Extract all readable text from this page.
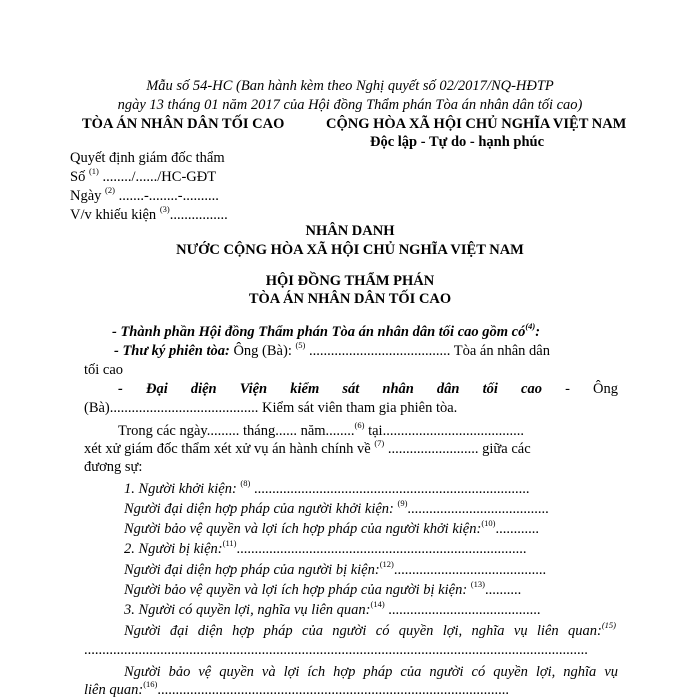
Mẫu số 54-HC (Ban hành kèm theo Nghị quyết số 02/2017/NQ-HĐTP
ngày 13 tháng 01 năm 2017 của Hội đồng Thẩm phán Tòa án nhân dân tối cao)
TÒA ÁN NHÂN DÂN TỐI CAO	CỘNG HÒA XÃ HỘI CHỦ NGHĨA VIỆT NAM
Độc lập - Tự do - hạnh phúc
Quyết định giám đốc thẩm
Số $^{(1)}$ ......../....../HC-GĐT
Ngày $^{(2)}$ .......-........-..........
V/v khiếu kiện $^{(3)}$................
NHÂN DANH
NƯỚC CỘNG HÒA XÃ HỘI CHỦ NGHĨA VIỆT NAM
HỘI ĐỒNG THẨM PHÁN
TÒA ÁN NHÂN DÂN TỐI CAO
- Thành phần Hội đồng Thẩm phán Tòa án nhân dân tối cao gồm $có^{(4)}$:
- Thư ký phiên tòa: Ông (Bà): $^{(5)}$ ....................................... Tòa án nhân dân
tối cao
- Đại diện Viện kiểm sát nhân dân tối cao - Ông
(Bà)......................................... Kiểm sát viên tham gia phiên tòa.
Trong các ngày......... tháng...... năm........$^{(6)}$ tại.......................................
xét xử giám đốc thẩm xét xử vụ án hành chính về $^{(7)}$ ......................... giữa các
đương sự:
1. Người khởi kiện: $^{(8)}$ ............................................................................
Người đại diện hợp pháp của người khởi kiện: $^{(9)}$.......................................
Người bảo vệ quyền và lợi ích hợp pháp của người khởi kiện:$^{(10)}$............
2. Người bị kiện:$^{(11)}$................................................................................
Người đại diện hợp pháp của người bị kiện:$^{(12)}$..........................................
Người bảo vệ quyền và lợi ích hợp pháp của người bị kiện: $^{(13)}$..........
3. Người có quyền lợi, nghĩa vụ liên quan:$^{(14)}$ ..........................................
Người đại diện hợp pháp của người có quyền lợi, nghĩa vụ liên quan:$^{(15)}$
...........................................................................................................................................
Người bảo vệ quyền và lợi ích hợp pháp của người có quyền lợi, nghĩa vụ
liên quan:$^{(16)}$.................................................................................................
